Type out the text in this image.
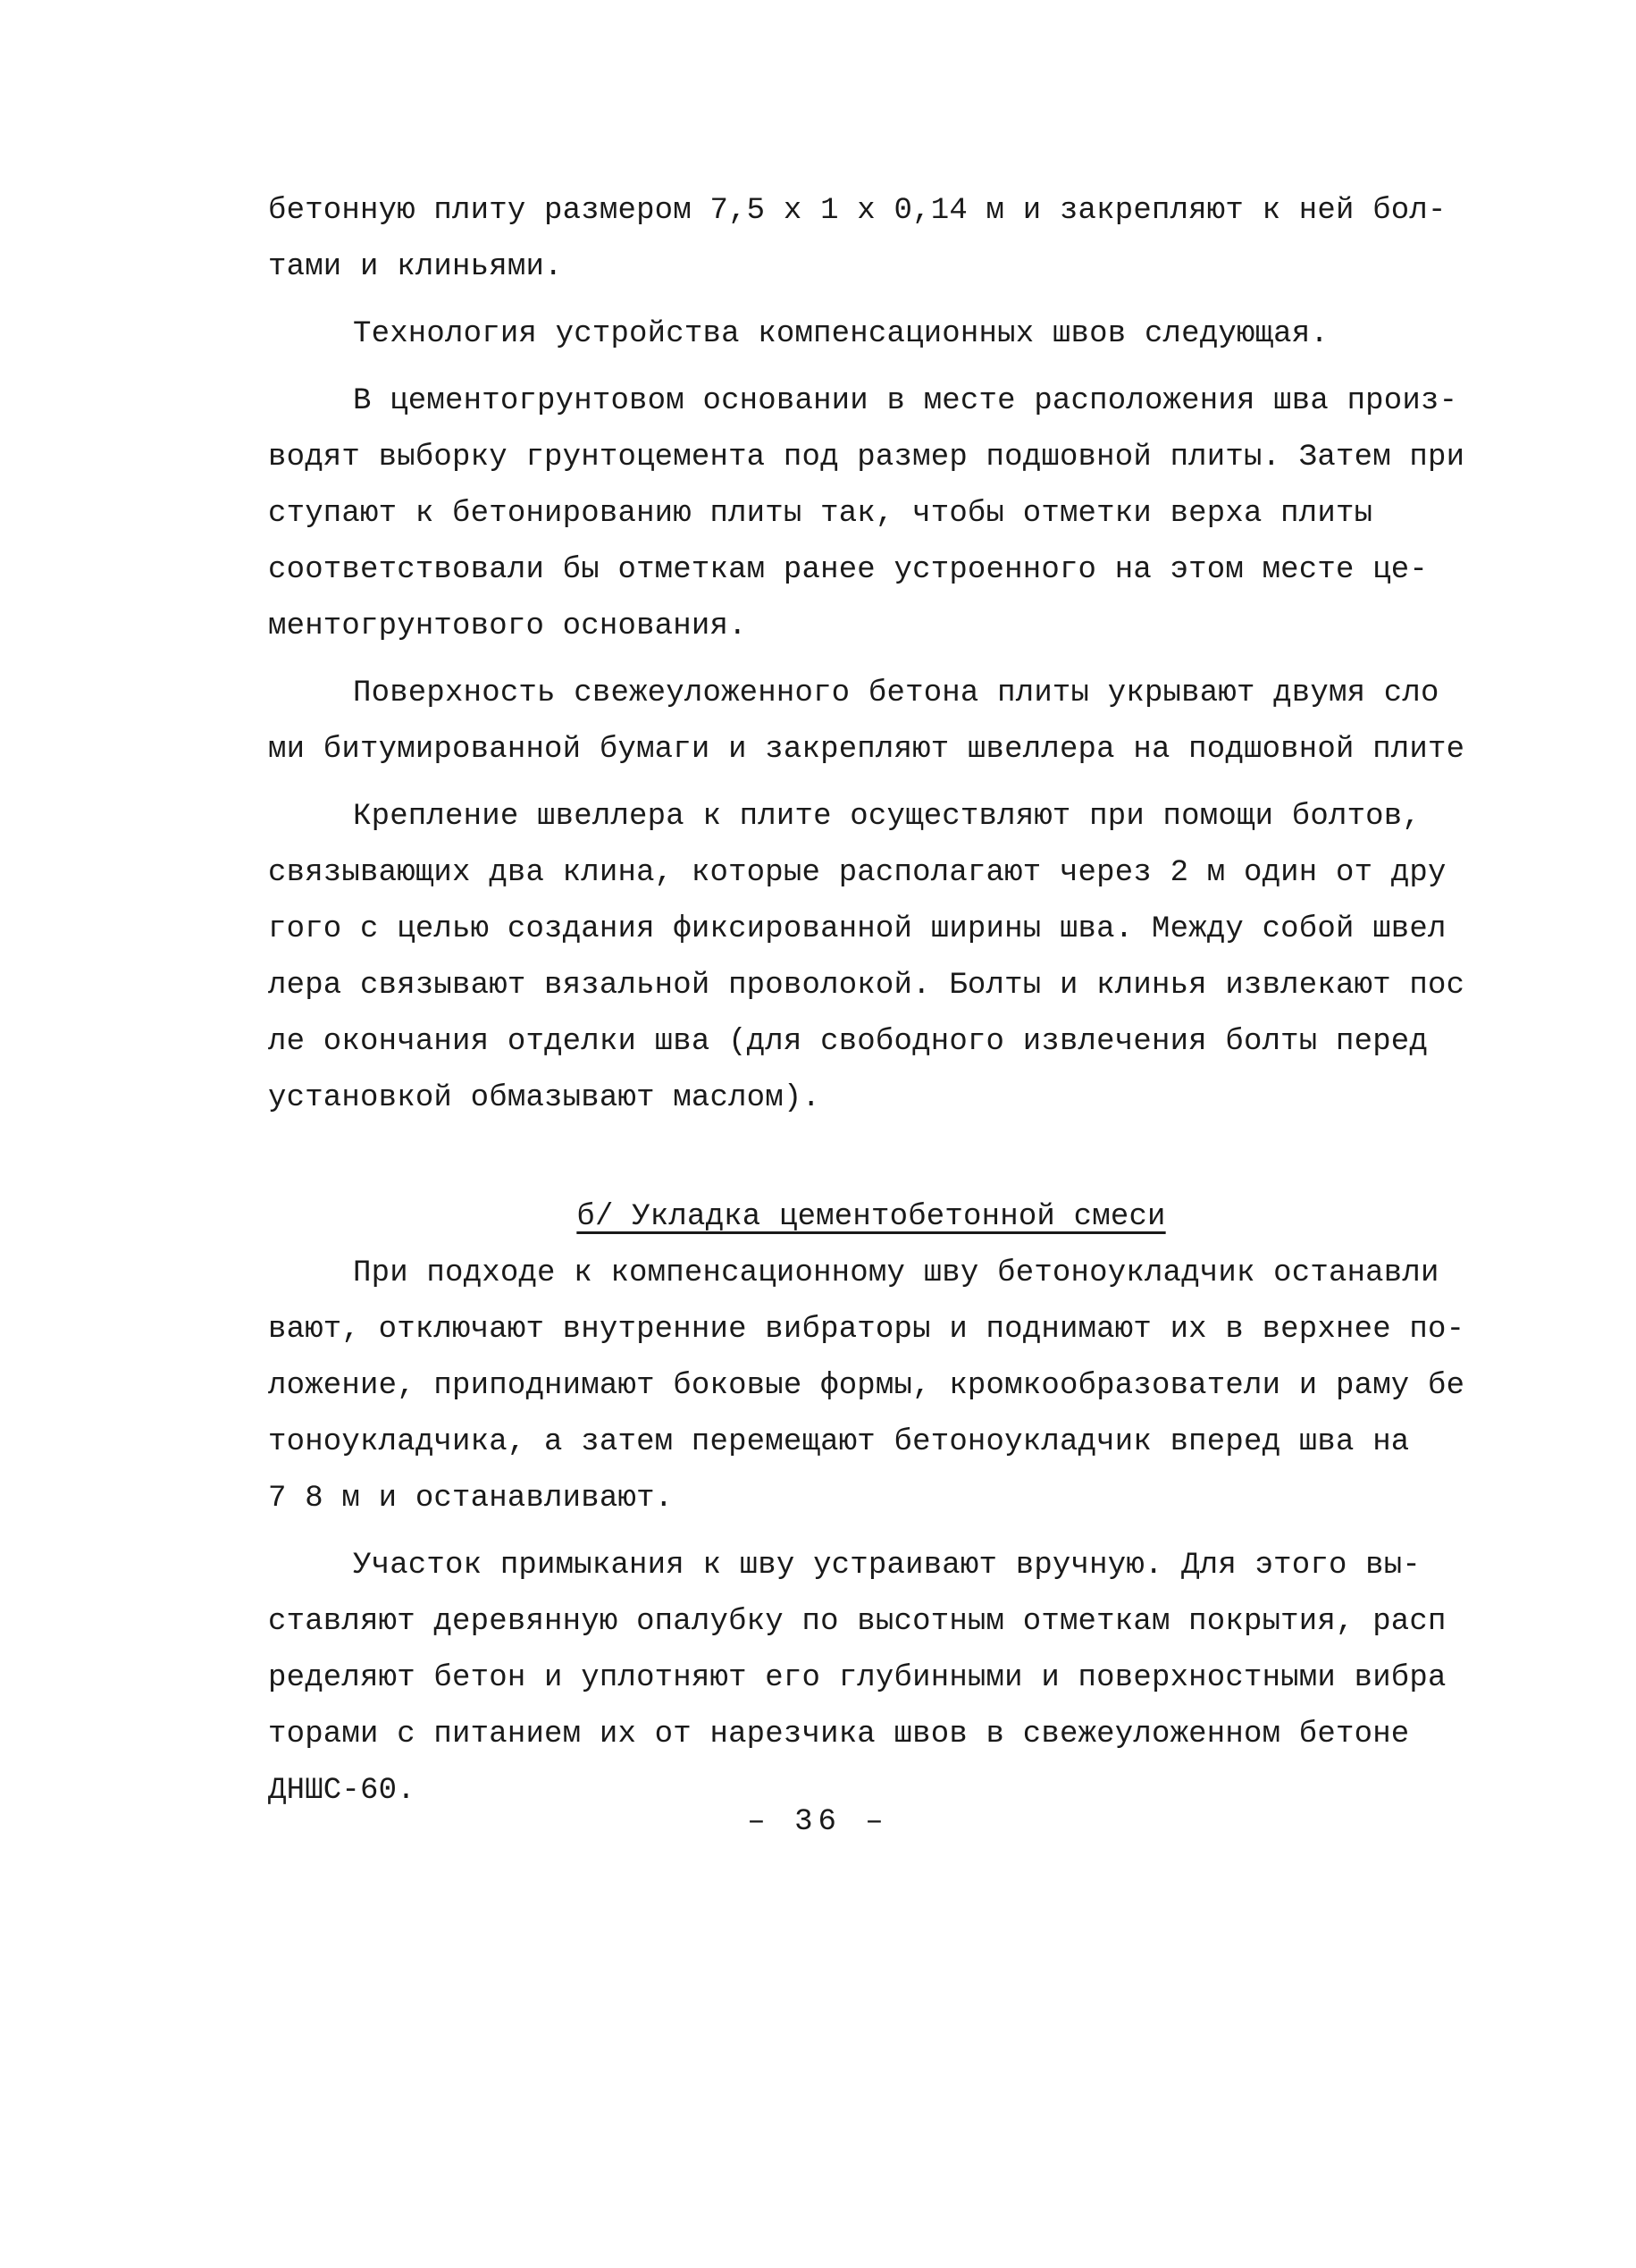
бетонную плиту размером 7,5 х 1 х 0,14 м и закрепляют к ней бол-
тами и клиньями.
Технология устройства компенсационных швов следующая.
В цементогрунтовом основании в месте расположения шва произ-
водят выборку грунтоцемента под размер подшовной плиты. Затем при
ступают к бетонированию плиты так, чтобы отметки верха плиты
соответствовали бы отметкам ранее устроенного на этом месте це-
ментогрунтового основания.
Поверхность свежеуложенного бетона плиты укрывают двумя сло
ми битумированной бумаги и закрепляют швеллера на подшовной плите
Крепление швеллера к плите осуществляют при помощи болтов,
связывающих два клина, которые располагают через 2 м один от дру
гого с целью создания фиксированной ширины шва. Между собой швел
лера связывают вязальной проволокой. Болты и клинья извлекают пос
ле окончания отделки шва (для свободного извлечения болты перед
установкой обмазывают маслом).
б/ Укладка цементобетонной смеси
При подходе к компенсационному шву бетоноукладчик останавли
вают, отключают внутренние вибраторы и поднимают их в верхнее по-
ложение, приподнимают боковые формы, кромкообразователи и раму бе
тоноукладчика, а затем перемещают бетоноукладчик вперед шва на
7 8 м и останавливают.
Участок примыкания к шву устраивают вручную. Для этого вы-
ставляют деревянную опалубку по высотным отметкам покрытия, расп
ределяют бетон и уплотняют его глубинными и поверхностными вибра
торами с питанием их от нарезчика швов в свежеуложенном бетоне
ДНШС-60.
– 36 –
